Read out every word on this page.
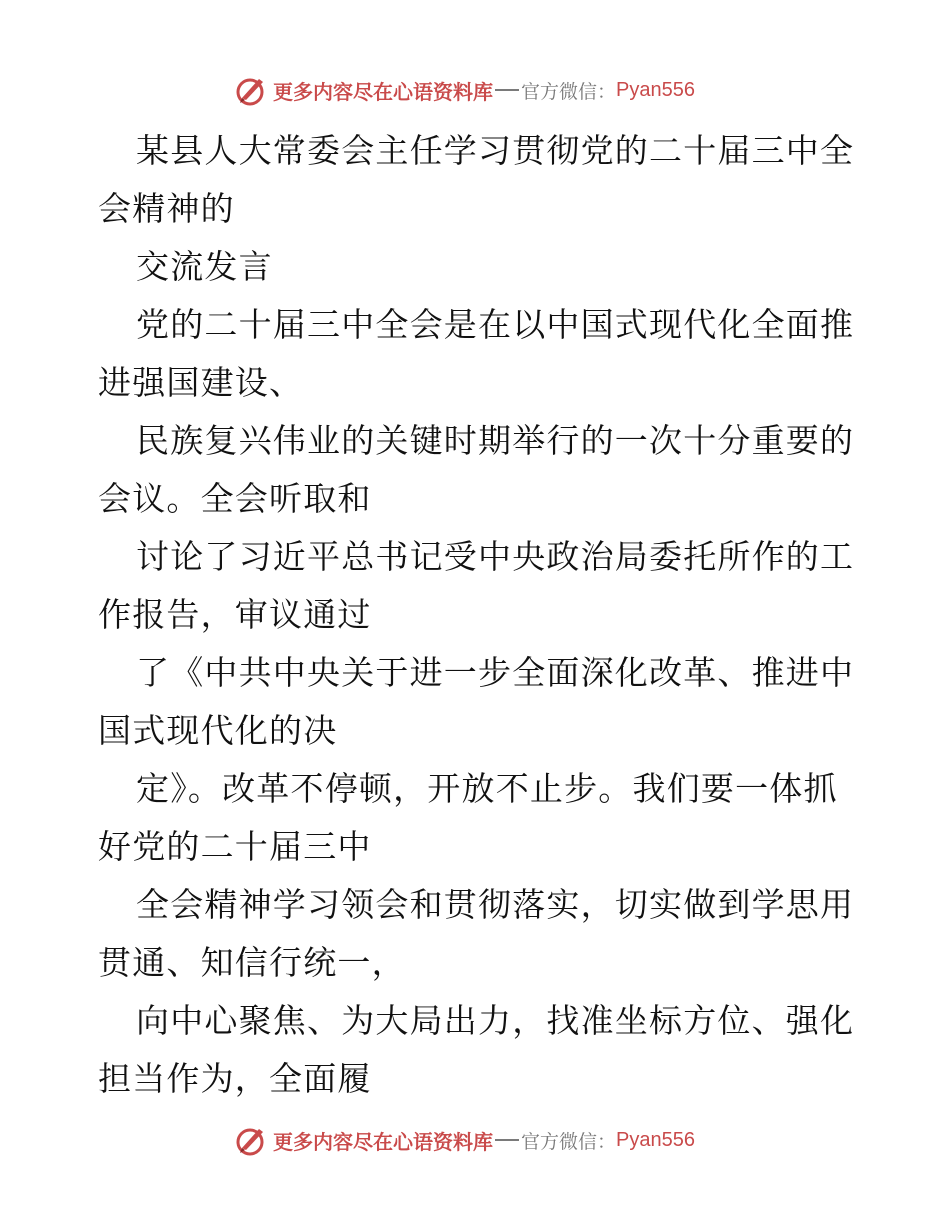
更多内容尽在心语资料库 官方微信： Pyan556
某县人大常委会主任学习贯彻党的二十届三中全
会精神的
交流发言
党的二十届三中全会是在以中国式现代化全面推
进强国建设、
民族复兴伟业的关键时期举行的一次十分重要的
会议。全会听取和
讨论了习近平总书记受中央政治局委托所作的工
作报告，审议通过
了《中共中央关于进一步全面深化改革、推进中
国式现代化的决
定》。改革不停顿，开放不止步。我们要一体抓
好党的二十届三中
全会精神学习领会和贯彻落实，切实做到学思用
贯通、知信行统一，
向中心聚焦、为大局出力，找准坐标方位、强化
担当作为，全面履
更多内容尽在心语资料库 官方微信： Pyan556
